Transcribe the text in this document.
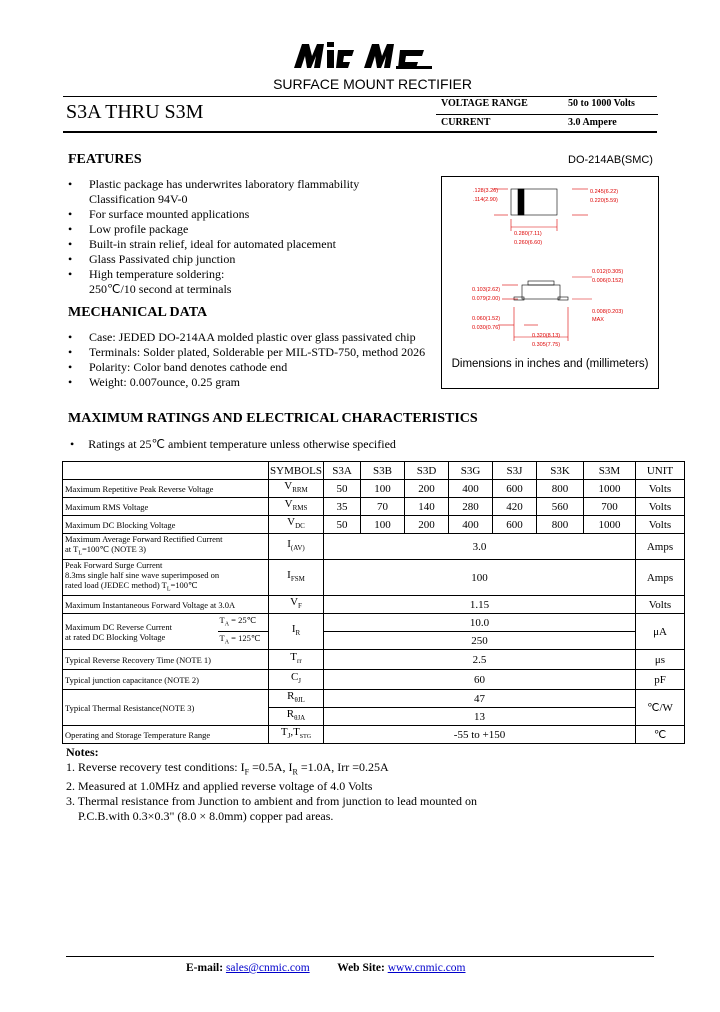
SURFACE MOUNT RECTIFIER
S3A THRU S3M	VOLTAGE RANGE	50 to 1000 Volts
CURRENT	3.0 Ampere
FEATURES
• Plastic package has underwrites laboratory flammability
Classification 94V-0
• For surface mounted applications
• Low profile package
• Built-in strain relief, ideal for automated placement
• Glass Passivated chip junction
• High temperature soldering:
250℃/10 second at terminals
MECHANICAL DATA
• Case: JEDED DO-214AA molded plastic over glass passivated chip
• Terminals: Solder plated, Solderable per MIL-STD-750, method 2026
• Polarity: Color band denotes cathode end
• Weight: 0.007ounce, 0.25 gram
DO-214AB(SMC)
.128(3.26)
.114(2.90)
0.245(6.22)
0.220(5.59)
0.280(7.11)
0.260(6.60)
0.012(0.305)
0.006(0.152)
0.103(2.62)
0.079(2.00)
0.060(1.52)
0.030(0.76)
0.008(0.203)
MAX
0.320(8.13)
0.305(7.75)
Dimensions in inches and (millimeters)
MAXIMUM RATINGS AND ELECTRICAL CHARACTERISTICS
• Ratings at 25℃ ambient temperature unless otherwise specified
		SYMBOLS	S3A	S3B	S3D	S3G	S3J	S3K	S3M	UNIT
Maximum Repetitive Peak Reverse Voltage		$V_{RRM}$	50	100	200	400	600	800	1000	Volts
Maximum RMS Voltage		$V_{RMS}$	35	70	140	280	420	560	700	Volts
Maximum DC Blocking Voltage		$V_{DC}$	50	100	200	400	600	800	1000	Volts

Maximum Average Forward Rectified Current
at $T_L=100℃$ (NOTE 3)		$I_{(AV)}$	3.0							Amps

Peak Forward Surge Current
8.3ms single half sine wave superimposed on
rated load (JEDEC method) $T_L=100℃$		$I_{FSM}$	100							Amps
Maximum Instantaneous Forward Voltage at 3.0A		$V_F$	1.15							Volts

Maximum DC Reverse Current
at rated DC Blocking Voltage	$T_A$ = 25℃	$I_R$	10.0							μA
	$T_A$ = 125℃		250							
Typical Reverse Recovery Time (NOTE 1)		$T_{rr}$	2.5							μs
Typical junction capacitance (NOTE 2)		$C_J$	60							pF
Typical Thermal Resistance(NOTE 3)		$R_{\theta JL}$	47							℃/W
		$R_{\theta JA}$	13							
Operating and Storage Temperature Range		$T_J,T_{STG}$	-55 to +150							℃
Notes:
1. Reverse recovery test conditions: $I_F =0.5A$, $I_R =1.0A$, Irr =0.25A
2. Measured at 1.0MHz and applied reverse voltage of 4.0 Volts
3. Thermal resistance from Junction to ambient and from junction to lead mounted on
P.C.B.with 0.3×0.3" (8.0 × 8.0mm) copper pad areas.
E-mail: sales@cnmic.com Web Site: www.cnmic.com
